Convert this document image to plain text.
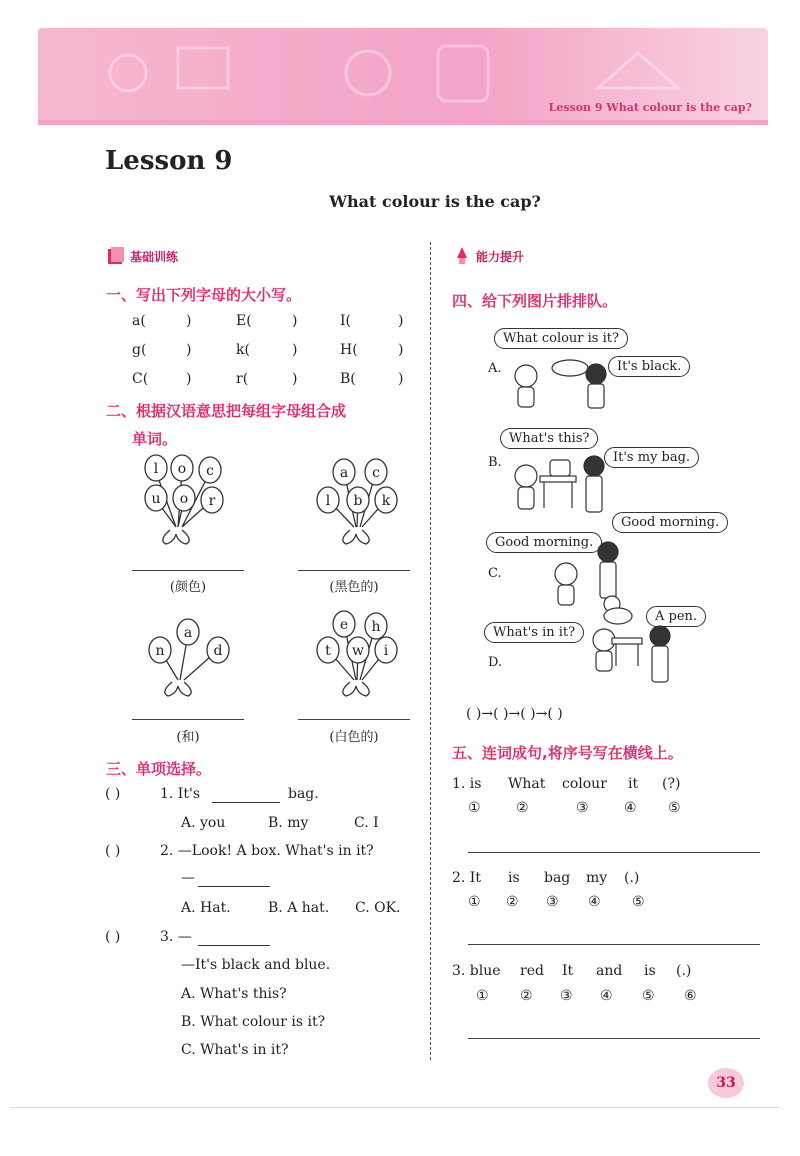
Lesson 9 What colour is the cap?
Lesson 9
What colour is the cap?
基础训练	能力提升
一、写出下列字母的大小写。
a(	)	E(	)	I(	)
g(	)	k(	)	H(	)
C(	)	r(	)	B(	)
二、根据汉语意思把每组字母组合成
单词。
l o c
u o r
a c
l b k
a
n	d
e h
t w i
(颜色)	(黑色的)
(和)	(白色的)
三、单项选择。
( )	1. It's	bag.
A. you	B. my	C. I
( )	2. —Look! A box. What's in it?
—
A. Hat.	B. A hat. C. OK.
( )	3. —
—It's black and blue.
A. What's this?
B. What colour is it?
C. What's in it?
四、给下列图片排排队。
What colour is it?
It's black.
A.
What's this?
It's my bag.
B.
Good morning.
Good morning.
C.
A pen.
What's in it?
D.
( )→( )→( )→( )
五、连词成句,将序号写在横线上。
1. is What colour it (?)
①	②	③	④ ⑤
2. It is bag my (.)
① ② ③ ④ ⑤
3. blue red It and is (.)
① ② ③ ④ ⑤ ⑥
33
